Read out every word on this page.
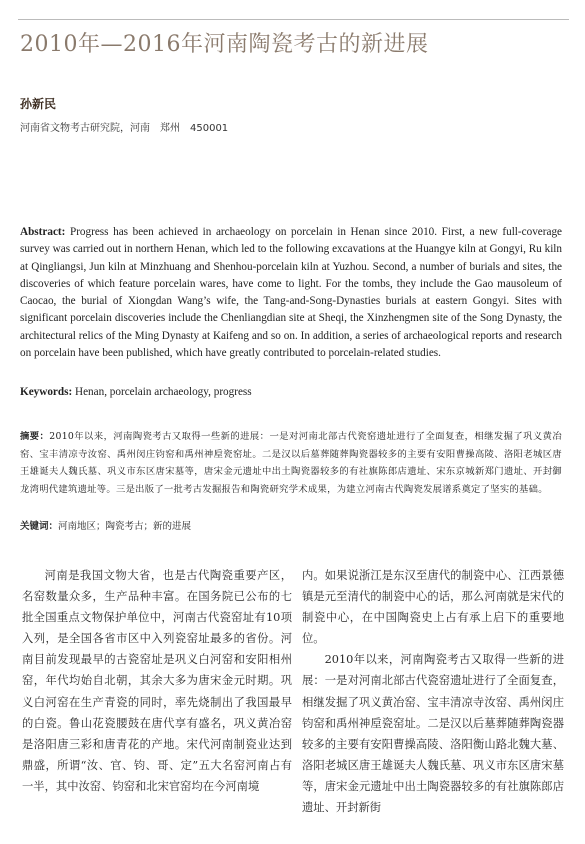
2010年—2016年河南陶瓷考古的新进展
孙新民
河南省文物考古研究院，河南　郑州　450001
Abstract: Progress has been achieved in archaeology on porcelain in Henan since 2010. First, a new full-coverage survey was carried out in northern Henan, which led to the following excavations at the Huangye kiln at Gongyi, Ru kiln at Qingliangsi, Jun kiln at Minzhuang and Shenhou-porcelain kiln at Yuzhou. Second, a number of burials and sites, the discoveries of which feature porcelain wares, have come to light. For the tombs, they include the Gao mausoleum of Caocao, the burial of Xiongdan Wang’s wife, the Tang-and-Song-Dynasties burials at eastern Gongyi. Sites with significant porcelain discoveries include the Chenliangdian site at Sheqi, the Xinzhengmen site of the Song Dynasty, the architectural relics of the Ming Dynasty at Kaifeng and so on. In addition, a series of archaeological reports and research on porcelain have been published, which have greatly contributed to porcelain-related studies.
Keywords: Henan, porcelain archaeology, progress
摘要：2010年以来，河南陶瓷考古又取得一些新的进展：一是对河南北部古代瓷窑遗址进行了全面复查，相继发掘了巩义黄冶窑、宝丰清凉寺汝窑、禹州闵庄钧窑和禹州神垕瓷窑址。二是汉以后墓葬随葬陶瓷器较多的主要有安阳曹操高陵、洛阳老城区唐王雄诞夫人魏氏墓、巩义市东区唐宋墓等，唐宋金元遗址中出土陶瓷器较多的有社旗陈郎店遗址、宋东京城新郑门遗址、开封御龙湾明代建筑遗址等。三是出版了一批考古发掘报告和陶瓷研究学术成果，为建立河南古代陶瓷发展谱系奠定了坚实的基础。
关键词：河南地区；陶瓷考古；新的进展

河南是我国文物大省，也是古代陶瓷重要产区，名窑数量众多，生产品种丰富。在国务院已公布的七批全国重点文物保护单位中，河南古代瓷窑址有10项入列，是全国各省市区中入列瓷窑址最多的省份。河南目前发现最早的古瓷窑址是巩义白河窑和安阳相州窑，年代均始自北朝，其余大多为唐宋金元时期。巩义白河窑在生产青瓷的同时，率先烧制出了我国最早的白瓷。鲁山花瓷腰鼓在唐代享有盛名，巩义黄冶窑是洛阳唐三彩和唐青花的产地。宋代河南制瓷业达到鼎盛，所谓“汝、官、钧、哥、定”五大名窑河南占有一半，其中汝窑、钧窑和北宋官窑均在今河南境

内。如果说浙江是东汉至唐代的制瓷中心、江西景德镇是元至清代的制瓷中心的话，那么河南就是宋代的制瓷中心，在中国陶瓷史上占有承上启下的重要地位。

2010年以来，河南陶瓷考古又取得一些新的进展：一是对河南北部古代瓷窑遗址进行了全面复查，相继发掘了巩义黄冶窑、宝丰清凉寺汝窑、禹州闵庄钧窑和禹州神垕瓷窑址。二是汉以后墓葬随葬陶瓷器较多的主要有安阳曹操高陵、洛阳衡山路北魏大墓、洛阳老城区唐王雄诞夫人魏氏墓、巩义市东区唐宋墓等，唐宋金元遗址中出土陶瓷器较多的有社旗陈郎店遗址、开封新街
